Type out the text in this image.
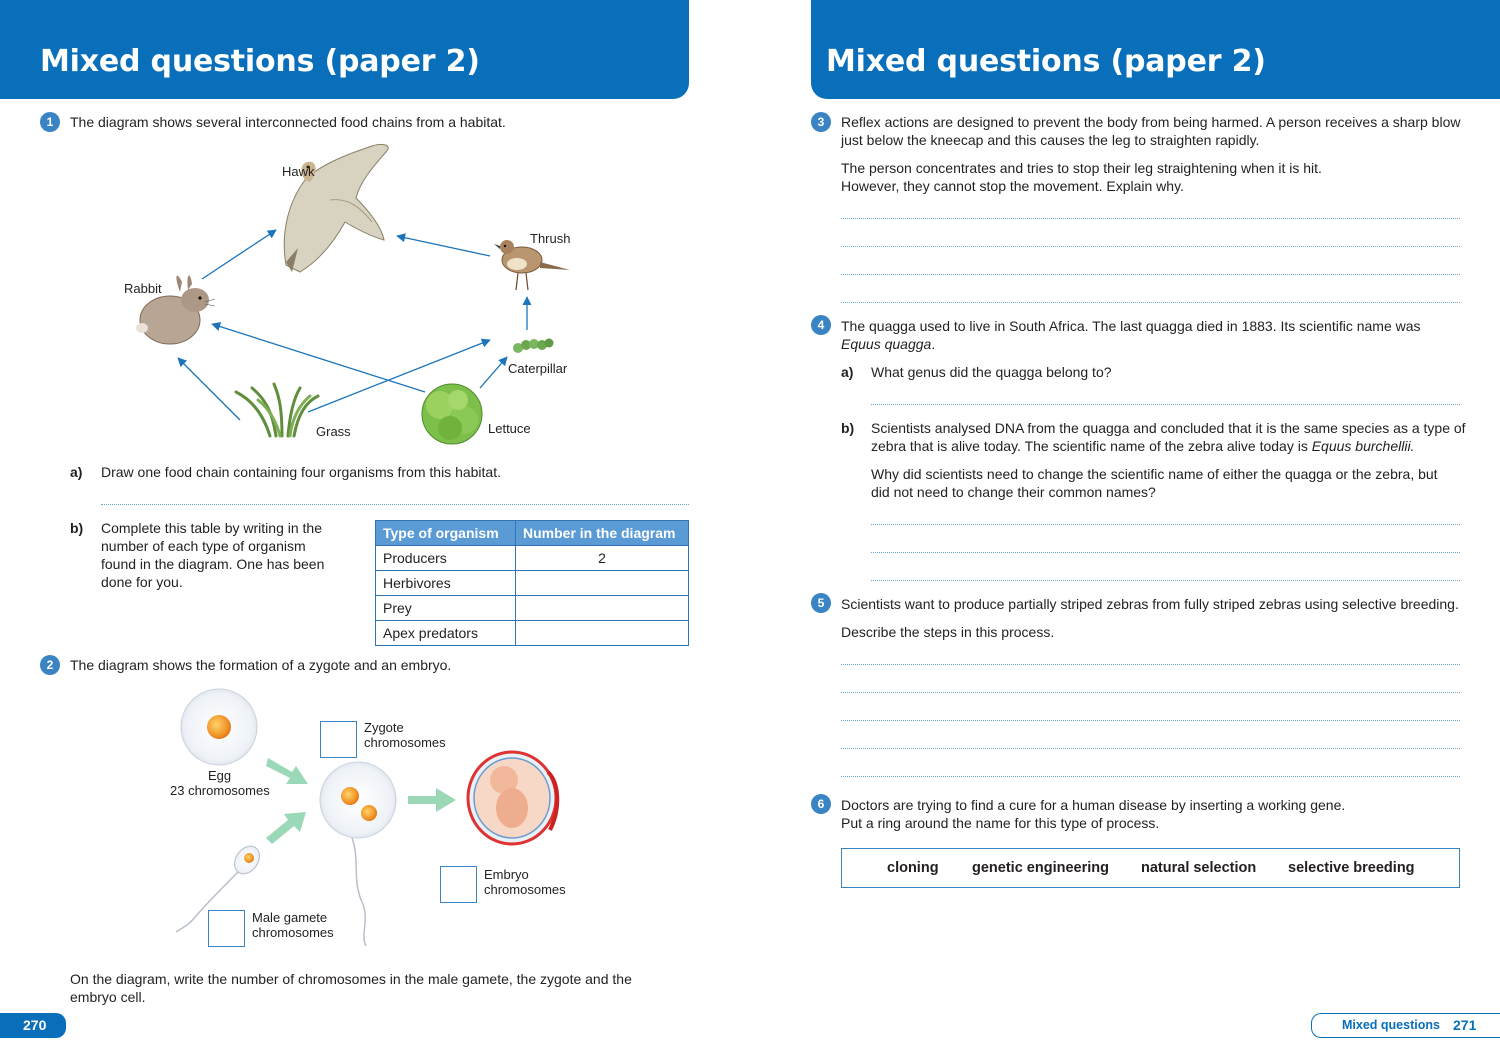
Mixed questions (paper 2)
1	The diagram shows several interconnected food chains from a habitat.
Hawk
Thrush
Rabbit
Caterpillar
Grass	Lettuce
a) Draw one food chain containing four organisms from this habitat.
b) Complete this table by writing in the
number of each type of organism
found in the diagram. One has been
done for you.
Type of organism	Number in the diagram
Producers	2
Herbivores	
Prey	
Apex predators	
2	The diagram shows the formation of a zygote and an embryo.
Zygote
chromosomes
Egg
23 chromosomes
Embryo
chromosomes
Male gamete
chromosomes
On the diagram, write the number of chromosomes in the male gamete, the zygote and the
embryo cell.
270
Mixed questions (paper 2)
3	Reflex actions are designed to prevent the body from being harmed. A person receives a sharp blow
just below the kneecap and this causes the leg to straighten rapidly.
The person concentrates and tries to stop their leg straightening when it is hit.
However, they cannot stop the movement. Explain why.
4	The quagga used to live in South Africa. The last quagga died in 1883. Its scientific name was
Equus quagga.
a) What genus did the quagga belong to?
b) Scientists analysed DNA from the quagga and concluded that it is the same species as a type of
zebra that is alive today. The scientific name of the zebra alive today is Equus burchellii.
Why did scientists need to change the scientific name of either the quagga or the zebra, but
did not need to change their common names?
5	Scientists want to produce partially striped zebras from fully striped zebras using selective breeding.
Describe the steps in this process.
6	Doctors are trying to find a cure for a human disease by inserting a working gene.
Put a ring around the name for this type of process.
cloning genetic engineering natural selection selective breeding
Mixed questions 271
